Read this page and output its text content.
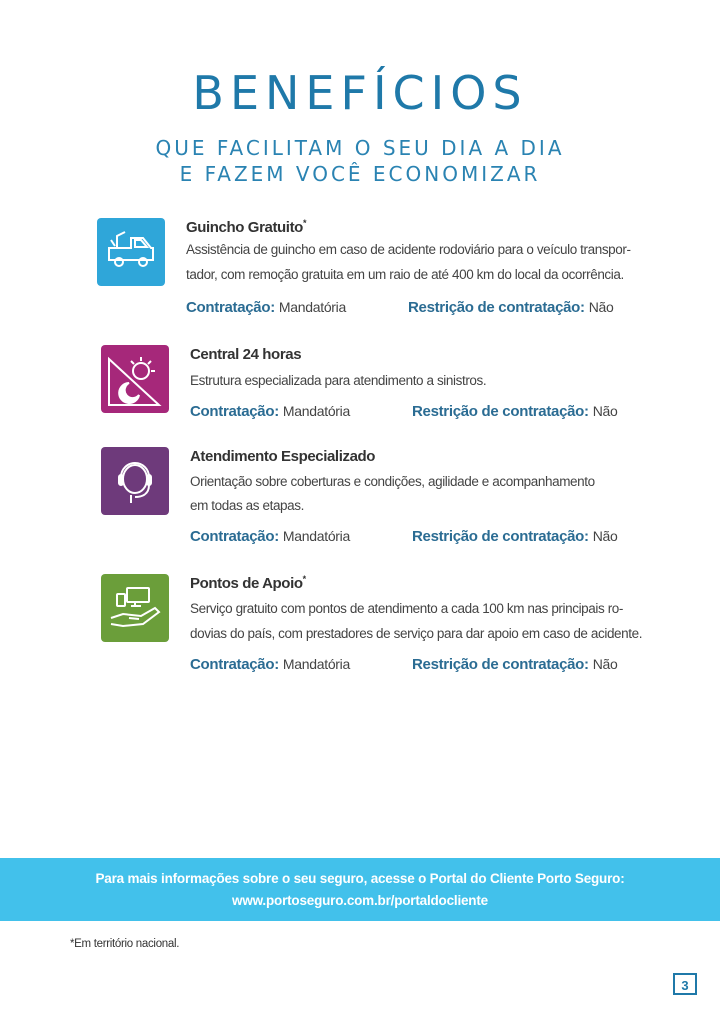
BENEFÍCIOS
QUE FACILITAM O SEU DIA A DIA
E FAZEM VOCÊ ECONOMIZAR
Guincho Gratuito*
Assistência de guincho em caso de acidente rodoviário para o veículo transpor-
tador, com remoção gratuita em um raio de até 400 km do local da ocorrência.
Contratação: Mandatória	Restrição de contratação: Não
Central 24 horas
Estrutura especializada para atendimento a sinistros.
Contratação: Mandatória	Restrição de contratação: Não
Atendimento Especializado
Orientação sobre coberturas e condições, agilidade e acompanhamento
em todas as etapas.
Contratação: Mandatória	Restrição de contratação: Não
Pontos de Apoio*
Serviço gratuito com pontos de atendimento a cada 100 km nas principais ro-
dovias do país, com prestadores de serviço para dar apoio em caso de acidente.
Contratação: Mandatória	Restrição de contratação: Não
Para mais informações sobre o seu seguro, acesse o Portal do Cliente Porto Seguro:
www.portoseguro.com.br/portaldocliente
*Em território nacional.
3
